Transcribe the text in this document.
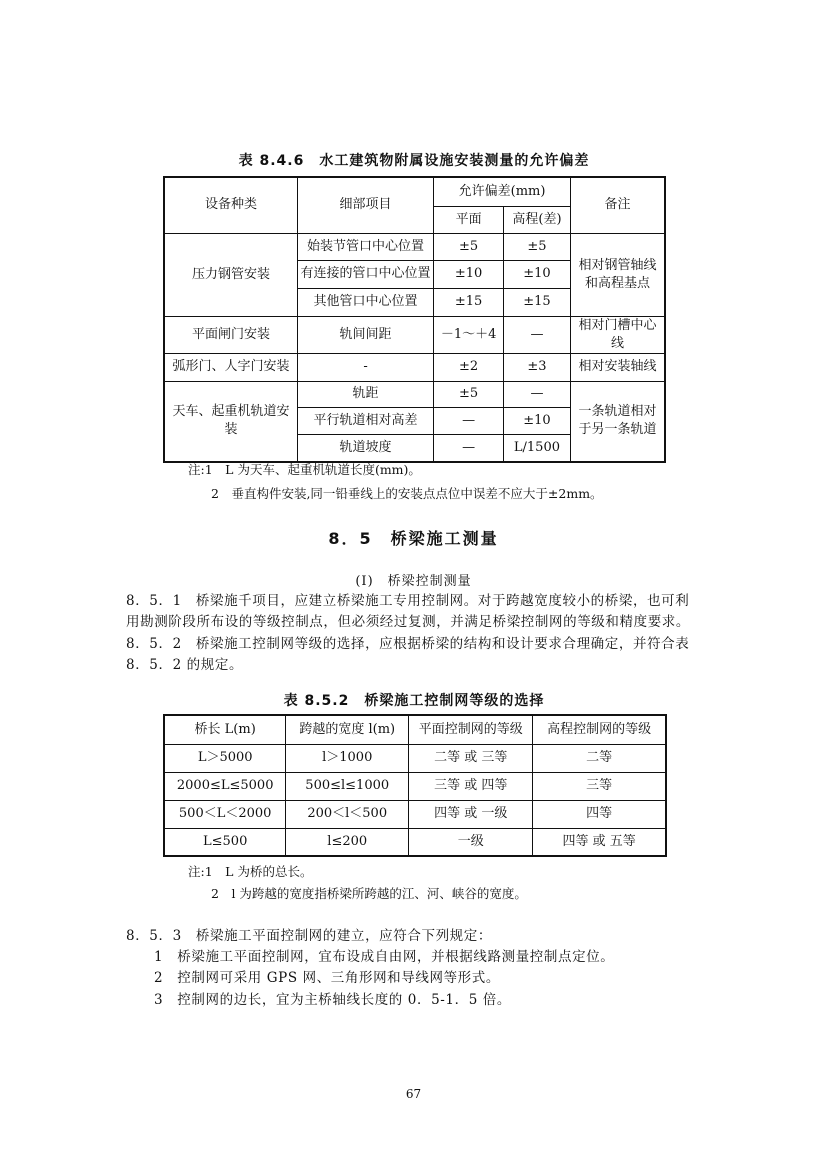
表 8.4.6　水工建筑物附属设施安装测量的允许偏差
设备种类	细部项目	允许偏差(mm)		备注
		平面	高程(差)	
压力钢管安装	始装节管口中心位置	±5	±5	相对钢管轴线和高程基点
	有连接的管口中心位置	±10	±10	
	其他管口中心位置	±15	±15	
平面闸门安装	轨间间距	－1～＋4	—	相对门槽中心线
弧形门、人字门安装	-	±2	±3	相对安装轴线
天车、起重机轨道安装	轨距	±5	—	一条轨道相对于另一条轨道
	平行轨道相对高差	—	±10	
	轨道坡度	—	L/1500	
注:1　L 为天车、起重机轨道长度(mm)。
2　垂直构件安装,同一铅垂线上的安装点点位中误差不应大于±2mm。
8．5　桥梁施工测量
(Ⅰ)　桥梁控制测量
8．5．1　桥梁施千项目，应建立桥梁施工专用控制网。对于跨越宽度较小的桥梁，也可利
用勘测阶段所布设的等级控制点，但必须经过复测，并满足桥梁控制网的等级和精度要求。
8．5．2　桥梁施工控制网等级的选择，应根据桥梁的结构和设计要求合理确定，并符合表
8．5．2 的规定。
表 8.5.2　桥梁施工控制网等级的选择
桥长 L(m)	跨越的宽度 l(m)	平面控制网的等级	高程控制网的等级
L＞5000	l＞1000	二等 或 三等	二等
2000≤L≤5000	500≤l≤1000	三等 或 四等	三等
500＜L＜2000	200＜l＜500	四等 或 一级	四等
L≤500	l≤200	一级	四等 或 五等
注:1　L 为桥的总长。
2　l 为跨越的宽度指桥梁所跨越的江、河、峡谷的宽度。
8．5．3　桥梁施工平面控制网的建立，应符合下列规定：
1　桥梁施工平面控制网，宜布设成自由网，并根据线路测量控制点定位。
2　控制网可采用 GPS 网、三角形网和导线网等形式。
3　控制网的边长，宜为主桥轴线长度的 0．5-1．5 倍。
67
